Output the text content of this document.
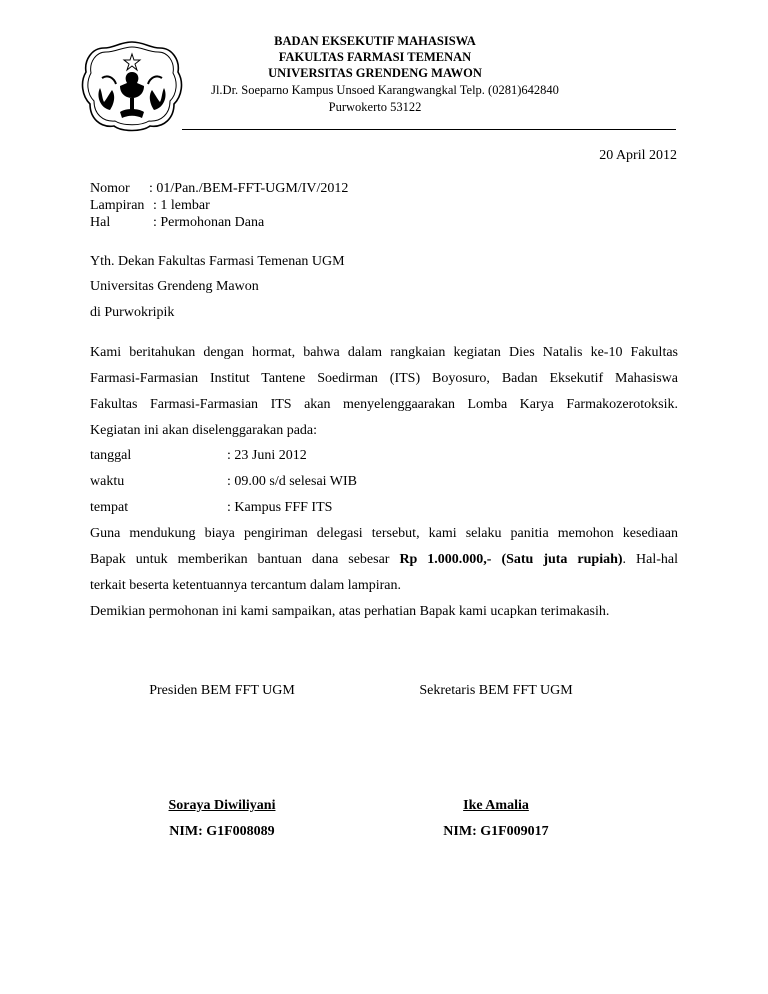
BADAN EKSEKUTIF MAHASISWA
FAKULTAS FARMASI TEMENAN
UNIVERSITAS GRENDENG MAWON
Jl.Dr. Soeparno Kampus Unsoed Karangwangkal Telp. (0281)642840
Purwokerto 53122
20 April 2012
Nomor : 01/Pan./BEM-FFT-UGM/IV/2012
Lampiran : 1 lembar
Hal	: Permohonan Dana
Yth. Dekan Fakultas Farmasi Temenan UGM
Universitas Grendeng Mawon
di Purwokripik
Kami beritahukan dengan hormat, bahwa dalam rangkaian kegiatan Dies Natalis ke-10 Fakultas
Farmasi-Farmasian Institut Tantene Soedirman (ITS) Boyosuro, Badan Eksekutif Mahasiswa
Fakultas Farmasi-Farmasian ITS akan menyelenggaarakan Lomba Karya Farmakozerotoksik.
Kegiatan ini akan diselenggarakan pada:
tanggal	: 23 Juni 2012
waktu	: 09.00 s/d selesai WIB
tempat	: Kampus FFF ITS
Guna mendukung biaya pengiriman delegasi tersebut, kami selaku panitia memohon kesediaan
Bapak untuk memberikan bantuan dana sebesar Rp 1.000.000,- (Satu juta rupiah). Hal-hal
terkait beserta ketentuannya tercantum dalam lampiran.
Demikian permohonan ini kami sampaikan, atas perhatian Bapak kami ucapkan terimakasih.
Presiden BEM FFT UGM	Sekretaris BEM FFT UGM
Soraya Diwiliyani	Ike Amalia
NIM: G1F008089	NIM: G1F009017
